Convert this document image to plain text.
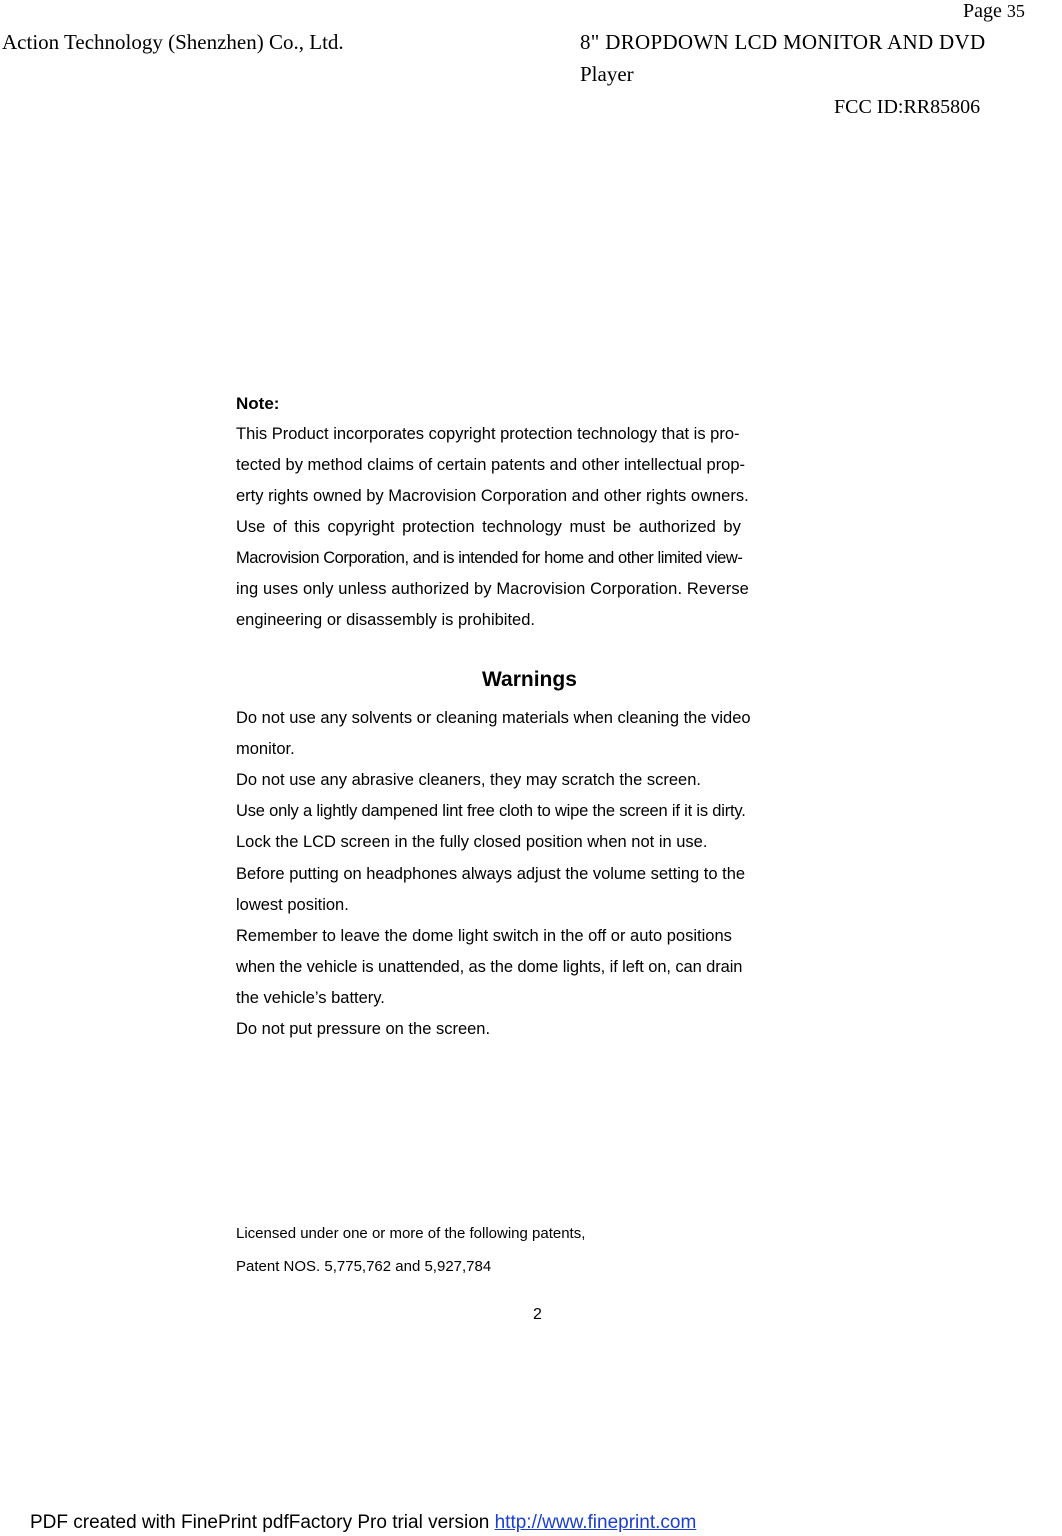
Page 35
Action Technology (Shenzhen) Co., Ltd.	8" DROPDOWN LCD MONITOR AND DVD
Player
FCC ID:RR85806
Note:
This Product incorporates copyright protection technology that is pro-
tected by method claims of certain patents and other intellectual prop-
erty rights owned by Macrovision Corporation and other rights owners.
Use of this copyright protection technology must be authorized by
Macrovision Corporation, and is intended for home and other limited view-
ing uses only unless authorized by Macrovision Corporation. Reverse
engineering or disassembly is prohibited.
Warnings
Do not use any solvents or cleaning materials when cleaning the video
monitor.
Do not use any abrasive cleaners, they may scratch the screen.
Use only a lightly dampened lint free cloth to wipe the screen if it is dirty.
Lock the LCD screen in the fully closed position when not in use.
Before putting on headphones always adjust the volume setting to the
lowest position.
Remember to leave the dome light switch in the off or auto positions
when the vehicle is unattended, as the dome lights, if left on, can drain
the vehicle’s battery.
Do not put pressure on the screen.
Licensed under one or more of the following patents,
Patent NOS. 5,775,762 and 5,927,784
2
PDF created with FinePrint pdfFactory Pro trial version http://www.fineprint.com
